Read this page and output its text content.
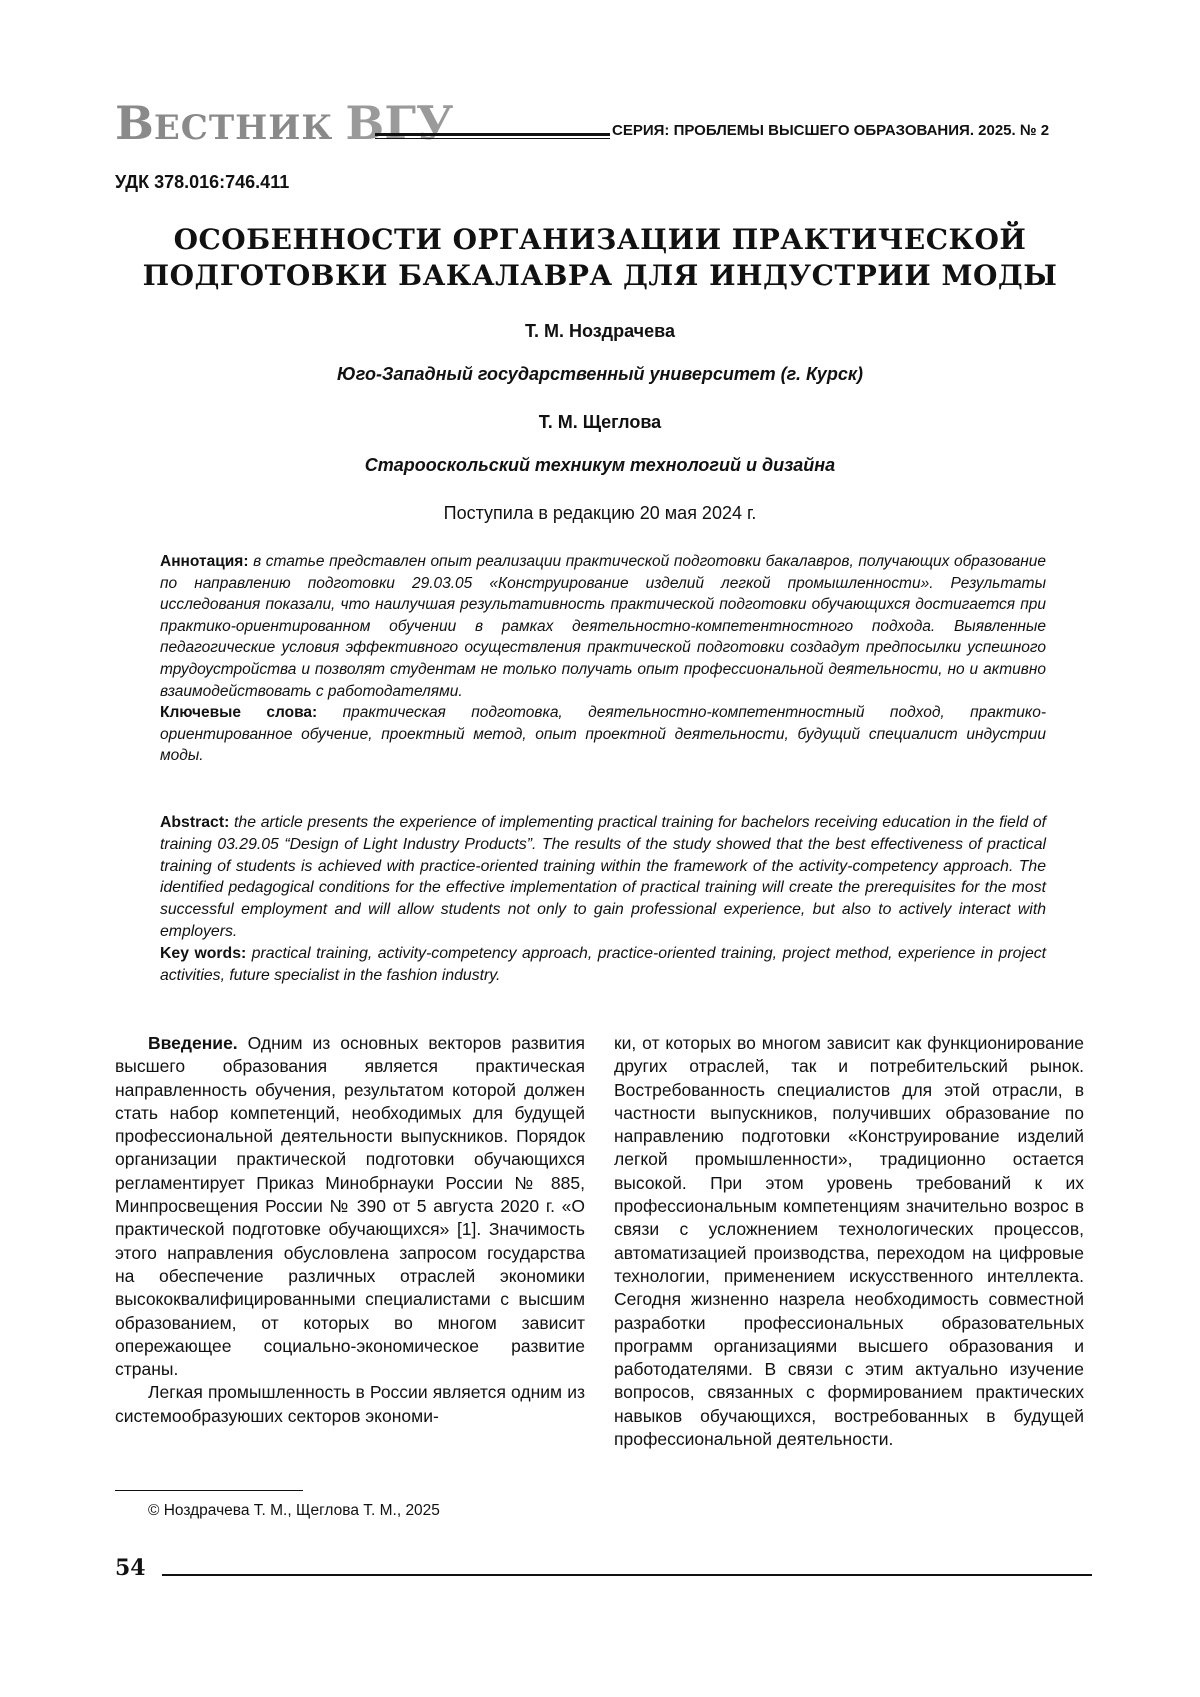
ВЕСТНИК ВГУ	СЕРИЯ: ПРОБЛЕМЫ ВЫСШЕГО ОБРАЗОВАНИЯ. 2025. № 2
УДК 378.016:746.411
ОСОБЕННОСТИ ОРГАНИЗАЦИИ ПРАКТИЧЕСКОЙ
ПОДГОТОВКИ БАКАЛАВРА ДЛЯ ИНДУСТРИИ МОДЫ
Т. М. Ноздрачева
Юго-Западный государственный университет (г. Курск)
Т. М. Щеглова
Старооскольский техникум технологий и дизайна
Поступила в редакцию 20 мая 2024 г.

Аннотация: в статье представлен опыт реализации практической подготовки бакалавров, получающих образование по направлению подготовки 29.03.05 «Конструирование изделий легкой промышленности». Результаты исследования показали, что наилучшая результативность практической подготовки обучающихся достигается при практико-ориентированном обучении в рамках деятельностно-компетентностного подхода. Выявленные педагогические условия эффективного осуществления практической подготовки создадут предпосылки успешного трудоустройства и позволят студентам не только получать опыт профессиональной деятельности, но и активно взаимодействовать с работодателями.

Ключевые слова: практическая подготовка, деятельностно-компетентностный подход, практико-ориентированное обучение, проектный метод, опыт проектной деятельности, будущий специалист индустрии моды.

Abstract: the article presents the experience of implementing practical training for bachelors receiving education in the field of training 03.29.05 “Design of Light Industry Products”. The results of the study showed that the best effectiveness of practical training of students is achieved with practice-oriented training within the framework of the activity-competency approach. The identified pedagogical conditions for the effective implementation of practical training will create the prerequisites for the most successful employment and will allow students not only to gain professional experience, but also to actively interact with employers.

Key words: practical training, activity-competency approach, practice-oriented training, project method, experience in project activities, future specialist in the fashion industry.

Введение. Одним из основных векторов развития высшего образования является практическая направленность обучения, результатом которой должен стать набор компетенций, необходимых для будущей профессиональной деятельности выпускников. Порядок организации практической подготовки обучающихся регламентирует Приказ Минобрнауки России № 885, Минпросвещения России № 390 от 5 августа 2020 г. «О практической подготовке обучающихся» [1]. Значимость этого направления обусловлена запросом государства на обеспечение различных отраслей экономики высококвалифицированными специалистами с высшим образованием, от которых во многом зависит опережающее социально-экономическое развитие страны.

Легкая промышленность в России является одним из системообразуюших секторов экономи-

ки, от которых во многом зависит как функционирование других отраслей, так и потребительский рынок. Востребованность специалистов для этой отрасли, в частности выпускников, получивших образование по направлению подготовки «Конструирование изделий легкой промышленности», традиционно остается высокой. При этом уровень требований к их профессиональным компетенциям значительно возрос в связи с усложнением технологических процессов, автоматизацией производства, переходом на цифровые технологии, применением искусственного интеллекта. Сегодня жизненно назрела необходимость совместной разработки профессиональных образовательных программ организациями высшего образования и работодателями. В связи с этим актуально изучение вопросов, связанных с формированием практических навыков обучающихся, востребованных в будущей профессиональной деятельности.

© Ноздрачева Т. М., Щеглова Т. М., 2025
54
